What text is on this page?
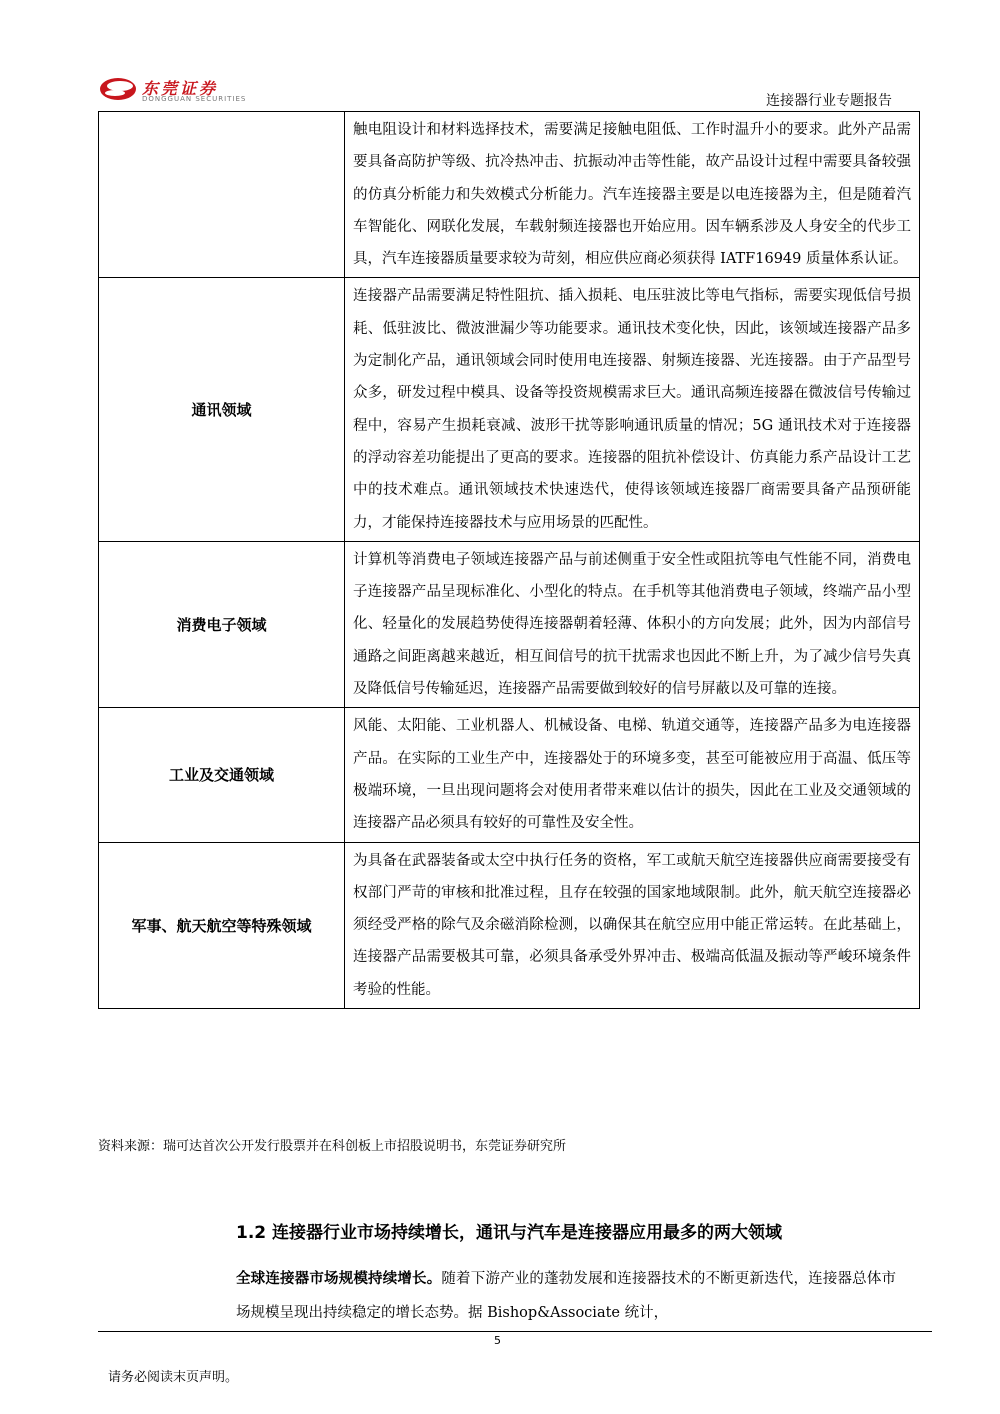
东莞证券
DONGGUAN SECURITIES	连接器行业专题报告
	触电阻设计和材料选择技术，需要满足接触电阻低、工作时温升小的要求。此外产品需要具备高防护等级、抗冷热冲击、抗振动冲击等性能，故产品设计过程中需要具备较强的仿真分析能力和失效模式分析能力。汽车连接器主要是以电连接器为主，但是随着汽车智能化、网联化发展，车载射频连接器也开始应用。因车辆系涉及人身安全的代步工具，汽车连接器质量要求较为苛刻，相应供应商必须获得 IATF16949 质量体系认证。
通讯领域	连接器产品需要满足特性阻抗、插入损耗、电压驻波比等电气指标，需要实现低信号损耗、低驻波比、微波泄漏少等功能要求。通讯技术变化快，因此，该领域连接器产品多为定制化产品，通讯领域会同时使用电连接器、射频连接器、光连接器。由于产品型号众多，研发过程中模具、设备等投资规模需求巨大。通讯高频连接器在微波信号传输过程中，容易产生损耗衰减、波形干扰等影响通讯质量的情况；5G 通讯技术对于连接器的浮动容差功能提出了更高的要求。连接器的阻抗补偿设计、仿真能力系产品设计工艺中的技术难点。通讯领域技术快速迭代，使得该领域连接器厂商需要具备产品预研能力，才能保持连接器技术与应用场景的匹配性。
消费电子领域	计算机等消费电子领域连接器产品与前述侧重于安全性或阻抗等电气性能不同，消费电子连接器产品呈现标准化、小型化的特点。在手机等其他消费电子领域，终端产品小型化、轻量化的发展趋势使得连接器朝着轻薄、体积小的方向发展；此外，因为内部信号通路之间距离越来越近，相互间信号的抗干扰需求也因此不断上升，为了减少信号失真及降低信号传输延迟，连接器产品需要做到较好的信号屏蔽以及可靠的连接。
工业及交通领域	风能、太阳能、工业机器人、机械设备、电梯、轨道交通等，连接器产品多为电连接器产品。在实际的工业生产中，连接器处于的环境多变，甚至可能被应用于高温、低压等极端环境，一旦出现问题将会对使用者带来难以估计的损失，因此在工业及交通领域的连接器产品必须具有较好的可靠性及安全性。
军事、航天航空等特殊领域	为具备在武器装备或太空中执行任务的资格，军工或航天航空连接器供应商需要接受有权部门严苛的审核和批准过程，且存在较强的国家地域限制。此外，航天航空连接器必须经受严格的除气及余磁消除检测，以确保其在航空应用中能正常运转。在此基础上，连接器产品需要极其可靠，必须具备承受外界冲击、极端高低温及振动等严峻环境条件考验的性能。
资料来源：瑞可达首次公开发行股票并在科创板上市招股说明书，东莞证券研究所
1.2 连接器行业市场持续增长，通讯与汽车是连接器应用最多的两大领域
全球连接器市场规模持续增长。随着下游产业的蓬勃发展和连接器技术的不断更新迭代，连接器总体市场规模呈现出持续稳定的增长态势。据 Bishop&Associate 统计，
5
请务必阅读末页声明。
